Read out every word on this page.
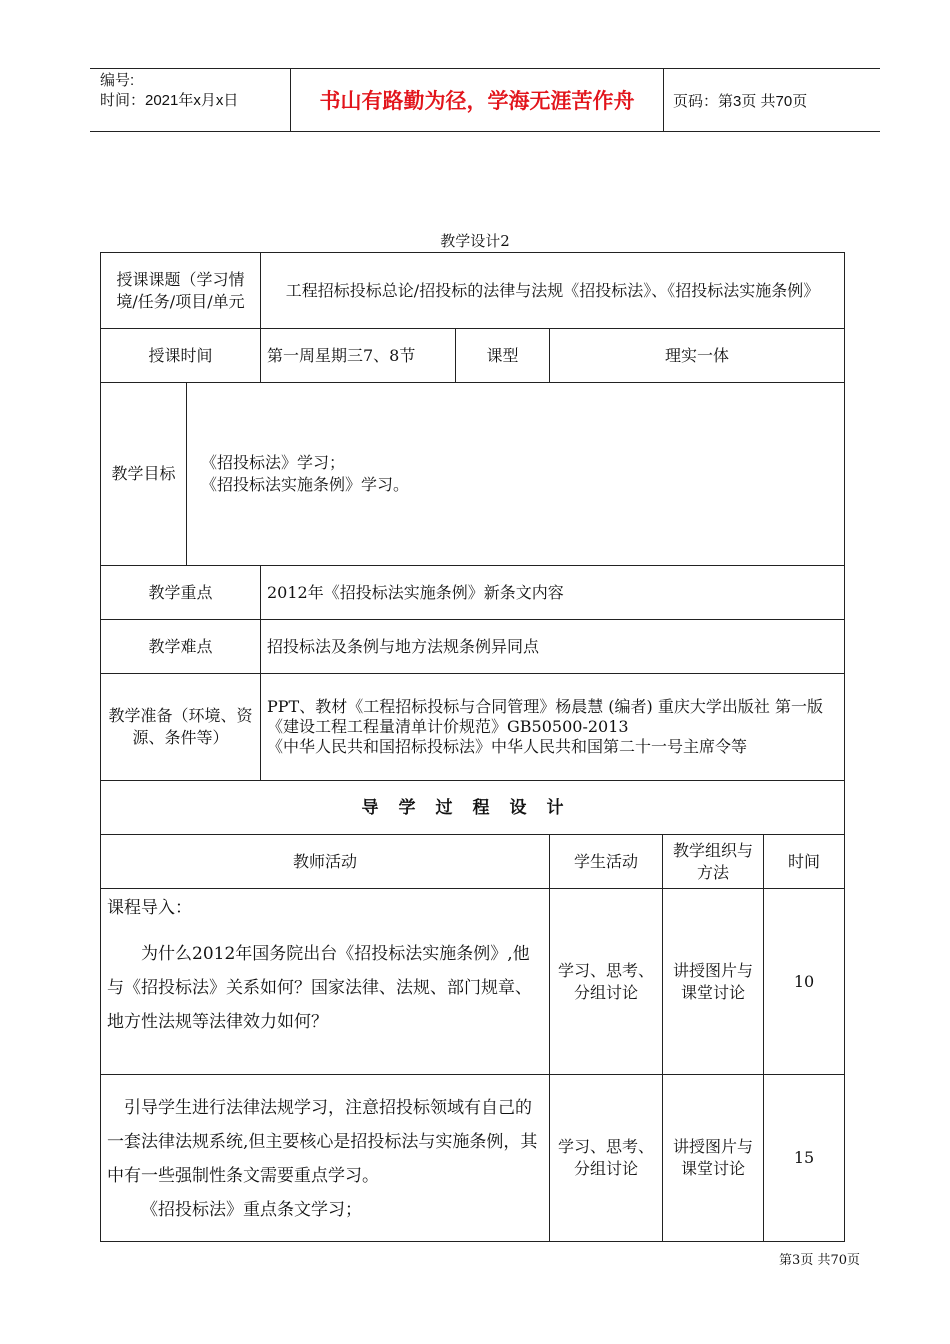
编号:
时间：2021年x月x日	书山有路勤为径，学海无涯苦作舟	页码：第3页 共70页
教学设计2
授课课题（学习情境/任务/项目/单元		工程招标投标总论/招投标的法律与法规《招投标法》、《招投标法实施条例》				
授课时间		第一周星期三7、8节	课型	理实一体		
教学目标	《招投标法》学习；
《招投标法实施条例》学习。					

教学重点		2012年《招投标法实施条例》新条文内容				
教学难点		招投标法及条例与地方法规条例异同点				
教学准备（环境、资源、条件等）		PPT、教材《工程招标投标与合同管理》杨晨慧 (编者) 重庆大学出版社 第一版
《建设工程工程量清单计价规范》GB50500-2013
《中华人民共和国招标投标法》中华人民共和国第二十一号主席令等				

导学过程设计						
教师活动				学生活动	教学组织与方法	时间

课程导入：
为什么2012年国务院出台《招投标法实施条例》,他与《招投标法》关系如何？国家法律、法规、部门规章、地方性法规等法律效力如何？				学习、思考、分组讨论	讲授图片与课堂讨论	10

引导学生进行法律法规学习，注意招投标领域有自己的一套法律法规系统,但主要核心是招投标法与实施条例，其中有一些强制性条文需要重点学习。
《招投标法》重点条文学习；				学习、思考、分组讨论	讲授图片与课堂讨论	15
第3页 共70页
